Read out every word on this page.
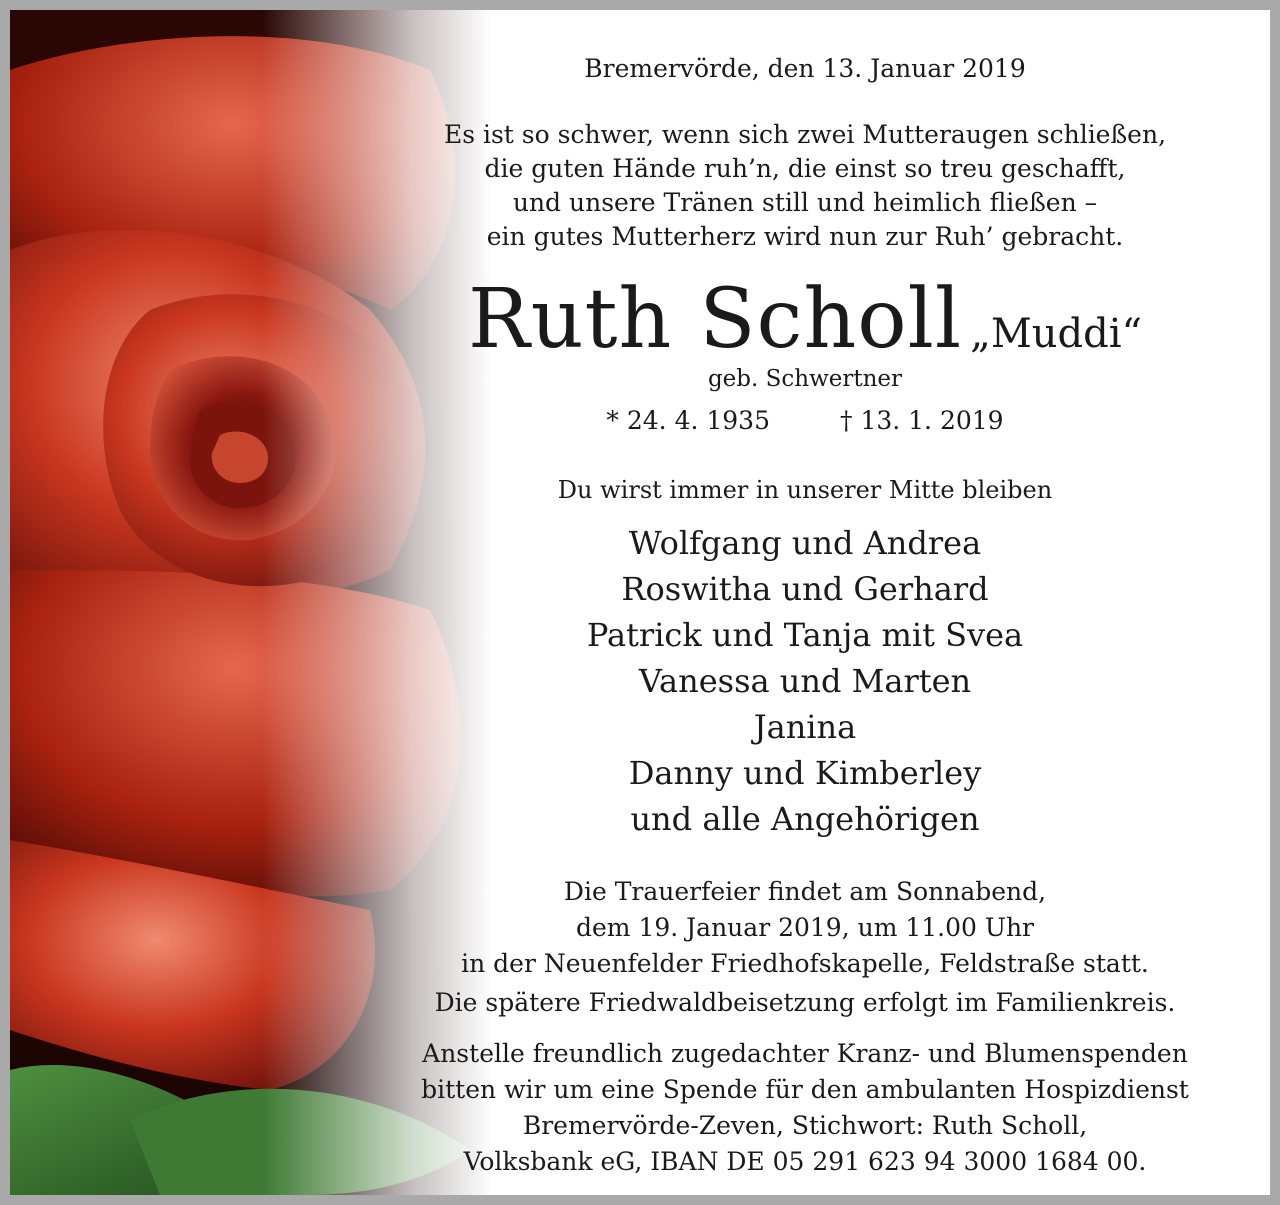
Bremervörde, den 13. Januar 2019
Es ist so schwer, wenn sich zwei Mutteraugen schließen,
die guten Hände ruh’n, die einst so treu geschafft,
und unsere Tränen still und heimlich fließen –
ein gutes Mutterherz wird nun zur Ruh’ gebracht.
Ruth Scholl „Muddi“
geb. Schwertner
* 24. 4. 1935	† 13. 1. 2019
Du wirst immer in unserer Mitte bleiben
Wolfgang und Andrea
Roswitha und Gerhard
Patrick und Tanja mit Svea
Vanessa und Marten
Janina
Danny und Kimberley
und alle Angehörigen
Die Trauerfeier findet am Sonnabend,
dem 19. Januar 2019, um 11.00 Uhr
in der Neuenfelder Friedhofskapelle, Feldstraße statt.
Die spätere Friedwaldbeisetzung erfolgt im Familienkreis.
Anstelle freundlich zugedachter Kranz- und Blumenspenden
bitten wir um eine Spende für den ambulanten Hospizdienst
Bremervörde-Zeven, Stichwort: Ruth Scholl,
Volksbank eG, IBAN DE 05 291 623 94 3000 1684 00.
